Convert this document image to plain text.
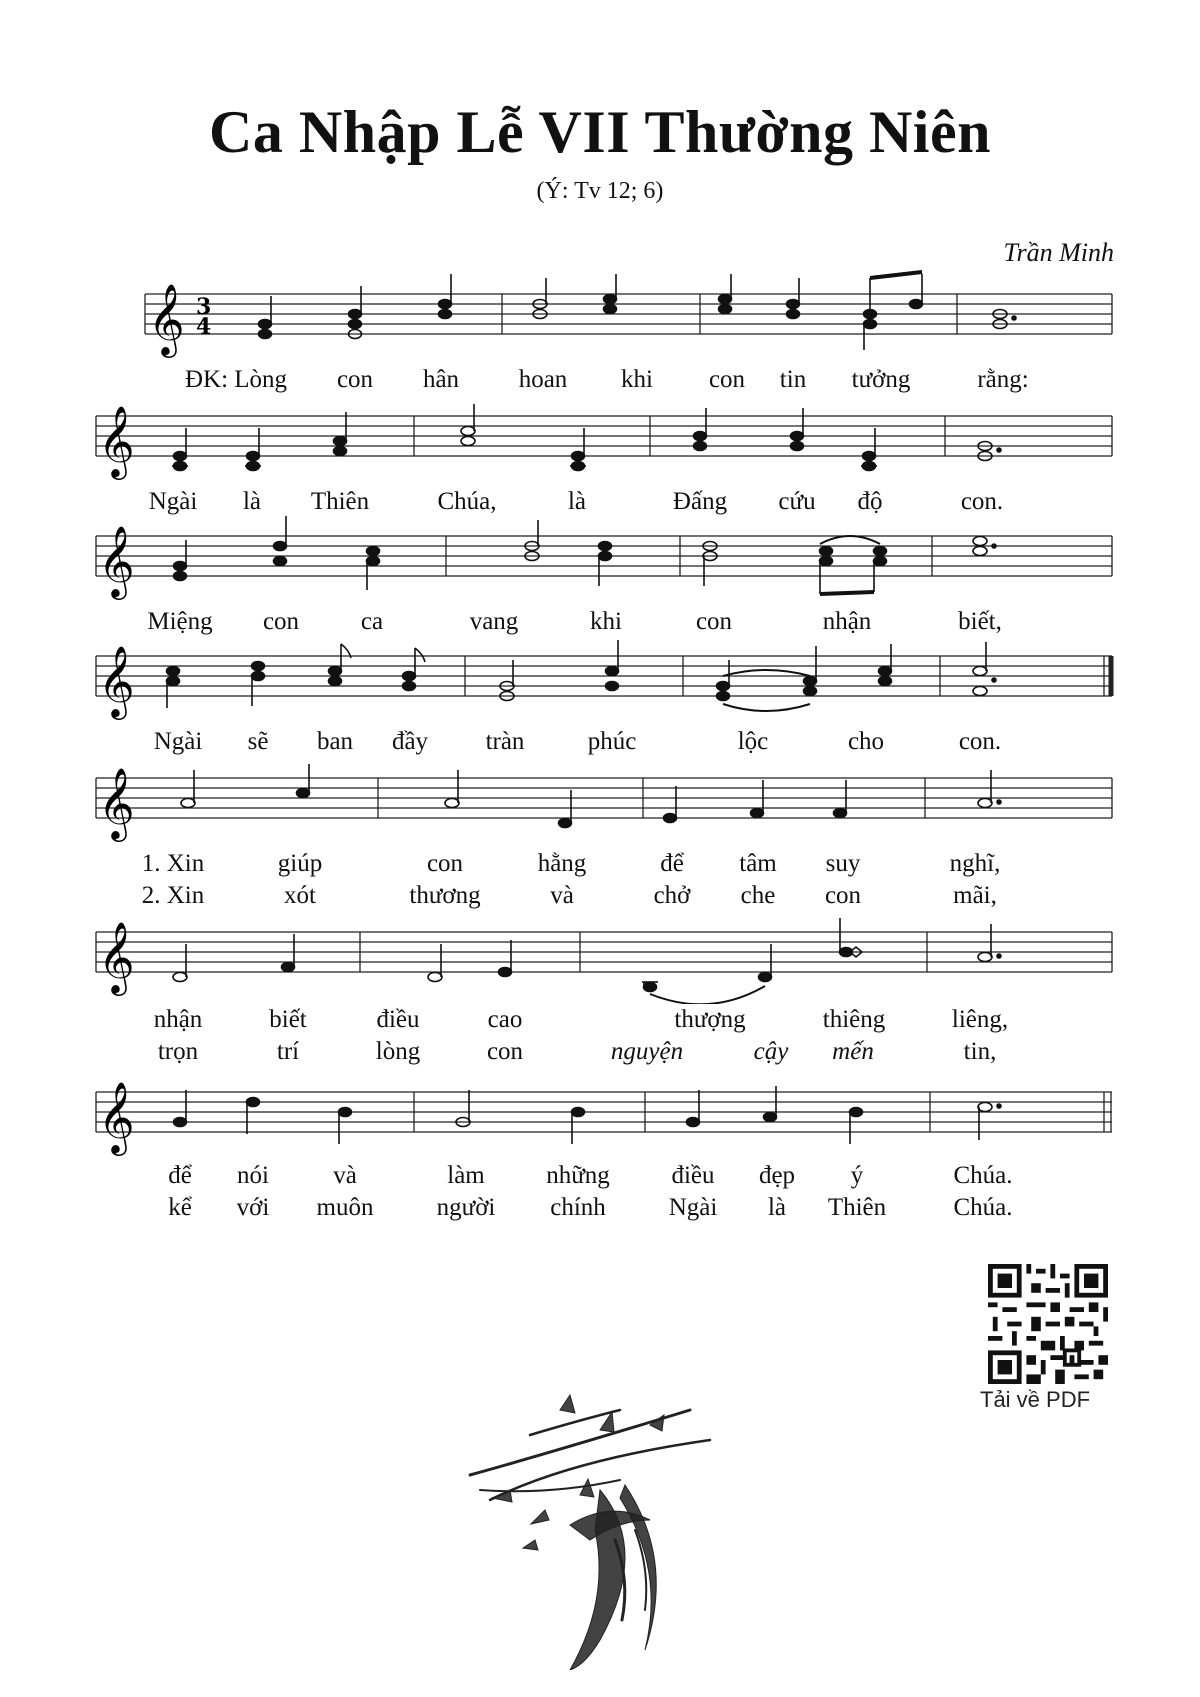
Ca Nhập Lễ VII Thường Niên
(Ý: Tv 12; 6)
Trần Minh
𝄞 3
4
ĐK: Lòng con hân hoan khi con tin tưởng	rằng:
𝄞
Ngài là Thiên	Chúa,	là	Đấng cứu độ	con.
𝄞
Miệng con ca	vang	khi	con	nhận	biết,
𝄞
Ngài sẽ ban đầy tràn	phúc	lộc	cho	con.
𝄞
1. Xin	giúp	con	hằng	để tâm suy	nghĩ,
2. Xin	xót	thương	và	chở che con	mãi,
𝄞
nhận	biết	điều	cao	thượng	thiêng	liêng,
trọn	trí	lòng	con	nguyện	cậy mến	tin,
𝄞
để nói	và	làm những điều đẹp ý	Chúa.
kể với muôn	người chính	Ngài là Thiên	Chúa.
Tải về PDF
